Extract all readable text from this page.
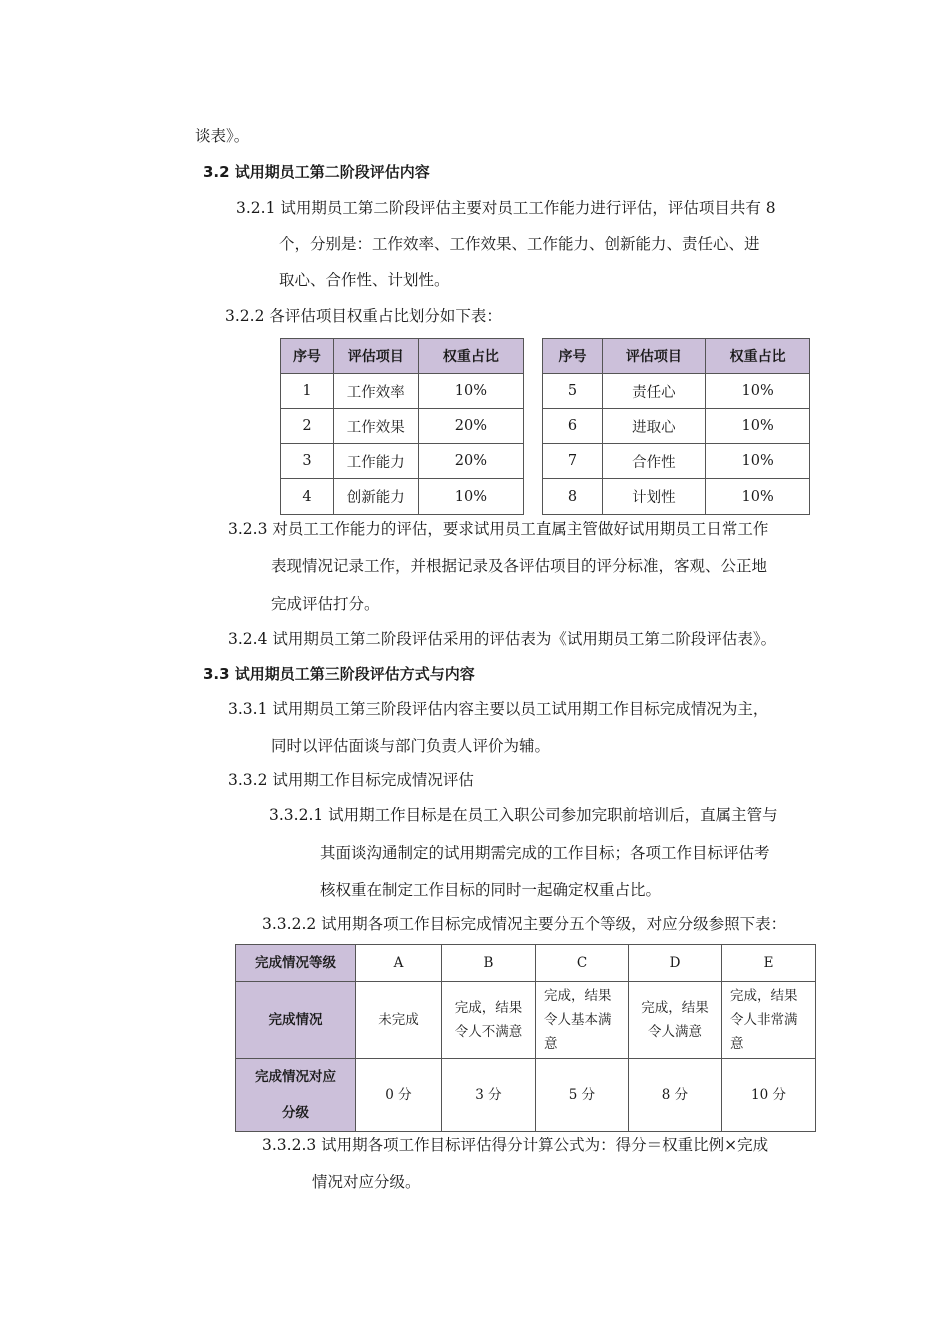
谈表》。
3.2 试用期员工第二阶段评估内容
3.2.1 试用期员工第二阶段评估主要对员工工作能力进行评估，评估项目共有 8
个，分别是：工作效率、工作效果、工作能力、创新能力、责任心、进
取心、合作性、计划性。
3.2.2 各评估项目权重占比划分如下表：
序号	评估项目	权重占比		序号	评估项目	权重占比
1	工作效率	10%		5	责任心	10%
2	工作效果	20%		6	进取心	10%
3	工作能力	20%		7	合作性	10%
4	创新能力	10%		8	计划性	10%
3.2.3 对员工工作能力的评估，要求试用员工直属主管做好试用期员工日常工作
表现情况记录工作，并根据记录及各评估项目的评分标准，客观、公正地
完成评估打分。
3.2.4 试用期员工第二阶段评估采用的评估表为《试用期员工第二阶段评估表》。
3.3 试用期员工第三阶段评估方式与内容
3.3.1 试用期员工第三阶段评估内容主要以员工试用期工作目标完成情况为主，
同时以评估面谈与部门负责人评价为辅。
3.3.2 试用期工作目标完成情况评估
3.3.2.1 试用期工作目标是在员工入职公司参加完职前培训后，直属主管与
其面谈沟通制定的试用期需完成的工作目标；各项工作目标评估考
核权重在制定工作目标的同时一起确定权重占比。
3.3.2.2 试用期各项工作目标完成情况主要分五个等级，对应分级参照下表：
完成情况等级	A	B	C	D	E
完成情况	未完成	完成，结果令人不满意	完成，结果令人基本满意	完成，结果令人满意	完成，结果令人非常满意
完成情况对应分级	0 分	3 分	5 分	8 分	10 分
3.3.2.3 试用期各项工作目标评估得分计算公式为：得分＝权重比例×完成
情况对应分级。
